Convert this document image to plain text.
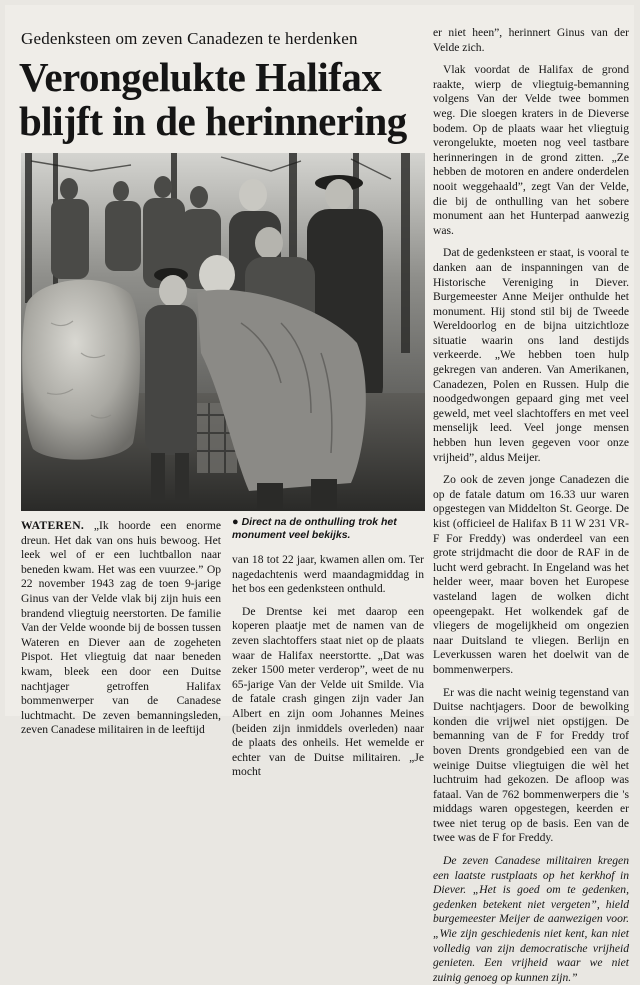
Gedenksteen om zeven Canadezen te herdenken
Verongelukte Halifax
blijft in de herinnering
● Direct na de onthulling trok het monument veel bekijks.

WATEREN. „Ik hoorde een enorme dreun. Het dak van ons huis bewoog. Het leek wel of er een luchtballon naar beneden kwam. Het was een vuurzee.” Op 22 november 1943 zag de toen 9-jarige Ginus van der Velde vlak bij zijn huis een brandend vliegtuig neerstorten. De familie Van der Velde woonde bij de bossen tussen Wateren en Diever aan de zogeheten Pispot. Het vliegtuig dat naar beneden kwam, bleek een door een Duitse nachtjager getroffen Halifax bommenwerper van de Canadese luchtmacht. De zeven bemanningsleden, zeven Canadese militairen in de leeftijd

van 18 tot 22 jaar, kwamen allen om. Ter nagedachtenis werd maandagmiddag in het bos een gedenksteen onthuld.

De Drentse kei met daarop een koperen plaatje met de namen van de zeven slachtoffers staat niet op de plaats waar de Halifax neerstortte. „Dat was zeker 1500 meter verderop”, weet de nu 65-jarige Van der Velde uit Smilde. Via de fatale crash gingen zijn vader Jan Albert en zijn oom Johannes Meines (beiden zijn inmiddels overleden) naar de plaats des onheils. Het wemelde er echter van de Duitse militairen. „Je mocht

er niet heen”, herinnert Ginus van der Velde zich.

Vlak voordat de Halifax de grond raakte, wierp de vliegtuig-bemanning volgens Van der Velde twee bommen weg. Die sloegen kraters in de Dieverse bodem. Op de plaats waar het vliegtuig verongelukte, moeten nog veel tastbare herinneringen in de grond zitten. „Ze hebben de motoren en andere onderdelen nooit weggehaald”, zegt Van der Velde, die bij de onthulling van het sobere monument aan het Hunterpad aanwezig was.

Dat de gedenksteen er staat, is vooral te danken aan de inspanningen van de Historische Vereniging in Diever. Burgemeester Anne Meijer onthulde het monument. Hij stond stil bij de Tweede Wereldoorlog en de bijna uitzichtloze situatie waarin ons land destijds verkeerde. „We hebben toen hulp gekregen van anderen. Van Amerikanen, Canadezen, Polen en Russen. Hulp die noodgedwongen gepaard ging met veel geweld, met veel slachtoffers en met veel menselijk leed. Veel jonge mensen hebben hun leven gegeven voor onze vrijheid”, aldus Meijer.

Zo ook de zeven jonge Canadezen die op de fatale datum om 16.33 uur waren opgestegen van Middelton St. George. De kist (officieel de Halifax B 11 W 231 VR-F For Freddy) was onderdeel van een grote strijdmacht die door de RAF in de lucht werd gebracht. In Engeland was het helder weer, maar boven het Europese vasteland lagen de wolken dicht opeengepakt. Het wolkendek gaf de vliegers de mogelijkheid om ongezien naar Duitsland te vliegen. Berlijn en Leverkussen waren het doelwit van de bommenwerpers.

Er was die nacht weinig tegenstand van Duitse nachtjagers. Door de bewolking konden die vrijwel niet opstijgen. De bemanning van de F for Freddy trof boven Drents grondgebied een van de weinige Duitse vliegtuigen die wèl het luchtruim had gekozen. De afloop was fataal. Van de 762 bommenwerpers die 's middags waren opgestegen, keerden er twee niet terug op de basis. Een van de twee was de F for Freddy.

De zeven Canadese militairen kregen een laatste rustplaats op het kerkhof in Diever. „Het is goed om te gedenken, gedenken betekent niet vergeten”, hield burgemeester Meijer de aanwezigen voor. „Wie zijn geschiedenis niet kent, kan niet volledig van zijn democratische vrijheid genieten. Een vrijheid waar we niet zuinig genoeg op kunnen zijn.”
